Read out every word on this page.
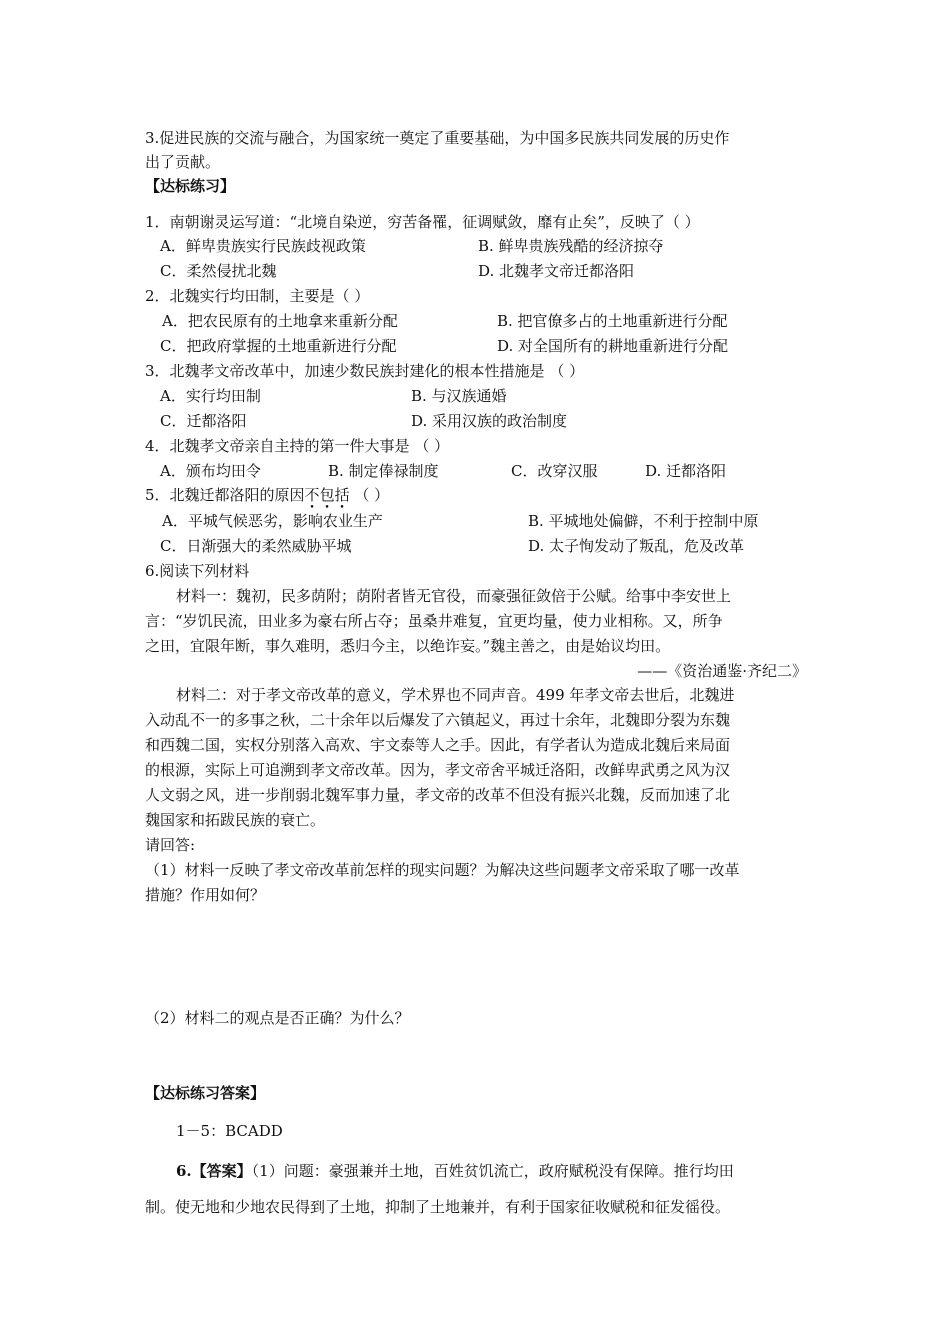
3.促进民族的交流与融合，为国家统一奠定了重要基础，为中国多民族共同发展的历史作
出了贡献。
【达标练习】
1．南朝谢灵运写道：“北境自染逆，穷苦备罹，征调赋敛，靡有止矣”，反映了（ ）
A．鲜卑贵族实行民族歧视政策	B. 鲜卑贵族残酷的经济掠夺
C．柔然侵扰北魏	D. 北魏孝文帝迁都洛阳
2．北魏实行均田制，主要是（ ）
A．把农民原有的土地拿来重新分配	B. 把官僚多占的土地重新进行分配
C．把政府掌握的土地重新进行分配	D. 对全国所有的耕地重新进行分配
3．北魏孝文帝改革中，加速少数民族封建化的根本性措施是 （ ）
A．实行均田制	B. 与汉族通婚
C．迁都洛阳	D. 采用汉族的政治制度
4．北魏孝文帝亲自主持的第一件大事是 （ ）
A．颁布均田令	B. 制定俸禄制度	C．改穿汉服	D. 迁都洛阳
5．北魏迁都洛阳的原因不包括 （ ）
A．平城气候恶劣，影响农业生产	B. 平城地处偏僻，不利于控制中原
C．日渐强大的柔然威胁平城	D. 太子恂发动了叛乱，危及改革
6.阅读下列材料
材料一：魏初，民多荫附；荫附者皆无官役，而豪强征敛倍于公赋。给事中李安世上
言：“岁饥民流，田业多为豪右所占夺；虽桑井难复，宜更均量，使力业相称。又，所争
之田，宜限年断，事久难明，悉归今主，以绝诈妄。”魏主善之，由是始议均田。
——《资治通鉴·齐纪二》
材料二：对于孝文帝改革的意义，学术界也不同声音。499 年孝文帝去世后，北魏进
入动乱不一的多事之秋，二十余年以后爆发了六镇起义，再过十余年，北魏即分裂为东魏
和西魏二国，实权分别落入高欢、宇文泰等人之手。因此，有学者认为造成北魏后来局面
的根源，实际上可追溯到孝文帝改革。因为，孝文帝舍平城迁洛阳，改鲜卑武勇之风为汉
人文弱之风，进一步削弱北魏军事力量，孝文帝的改革不但没有振兴北魏，反而加速了北
魏国家和拓跋民族的衰亡。
请回答:
（1）材料一反映了孝文帝改革前怎样的现实问题？为解决这些问题孝文帝采取了哪一改革
措施？作用如何？
（2）材料二的观点是否正确？为什么？
【达标练习答案】
1－5：BCADD
6.【答案】（1）问题：豪强兼并土地，百姓贫饥流亡，政府赋税没有保障。推行均田
制。使无地和少地农民得到了土地，抑制了土地兼并，有利于国家征收赋税和征发徭役。
